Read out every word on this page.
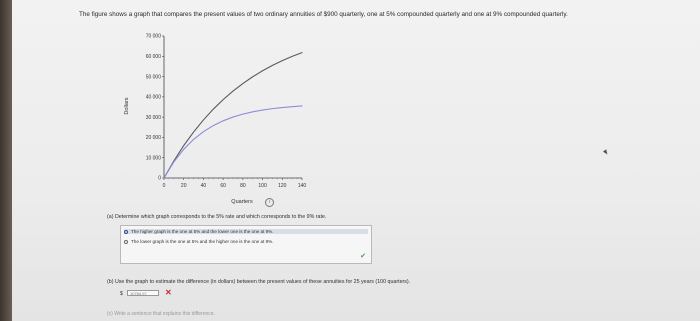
The figure shows a graph that compares the present values of two ordinary annuities of $900 quarterly, one at 5% compounded quarterly and one at 9% compounded quarterly.
0
10 000
20 000
30 000
40 000
50 000
60 000
70 000
0	20	40	60	80	100 120 140
Quarters
Dollars
i
(a) Determine which graph corresponds to the 5% rate and which corresponds to the 9% rate.
The higher graph is the one at 5% and the lower one is the one at 9%.
The lower graph is the one at 5% and the higher one is the one at 9%.
✔
(b) Use the graph to estimate the difference (in dollars) between the present values of these annuities for 25 years (100 quarters).
$	10784.97	✕
(c) Write a sentence that explains this difference.
